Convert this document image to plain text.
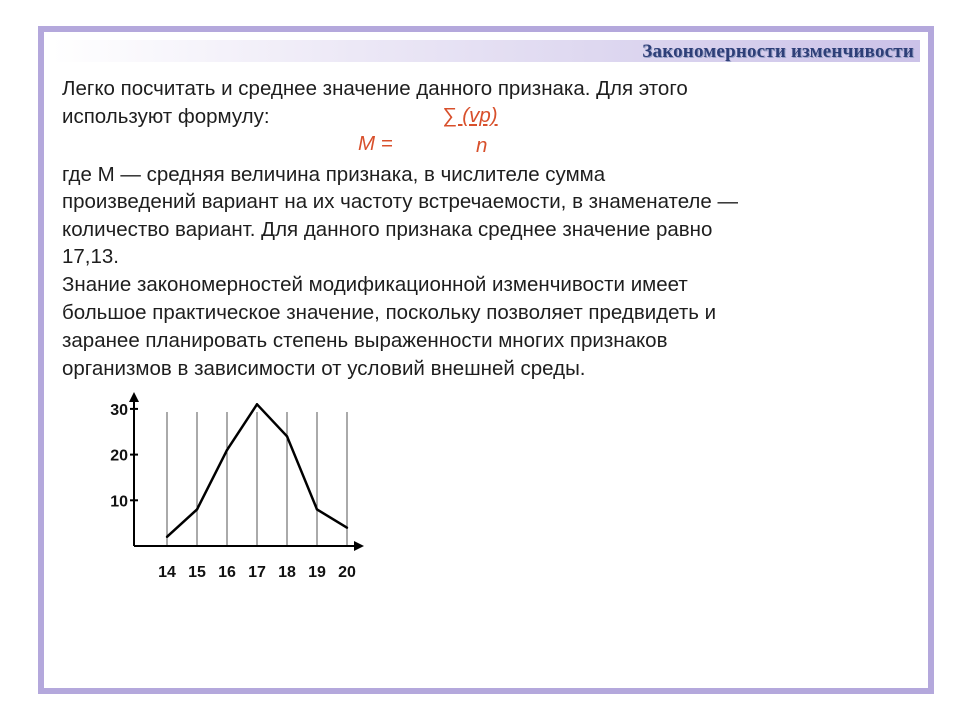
Закономерности изменчивости

Легко посчитать и среднее значение данного признака. Для этого

используют формулу:	∑ (vp)

M =	n

где М — средняя величина признака, в числителе сумма

произведений вариант на их частоту встречаемости, в знаменателе —

количество вариант. Для данного признака среднее значение равно

17,13.

Знание закономерностей модификационной изменчивости имеет

большое практическое значение, поскольку позволяет предвидеть и

заранее планировать степень выраженности многих признаков

организмов в зависимости от условий внешней среды.

10
20
30
14 15 16 17 18 19 20
